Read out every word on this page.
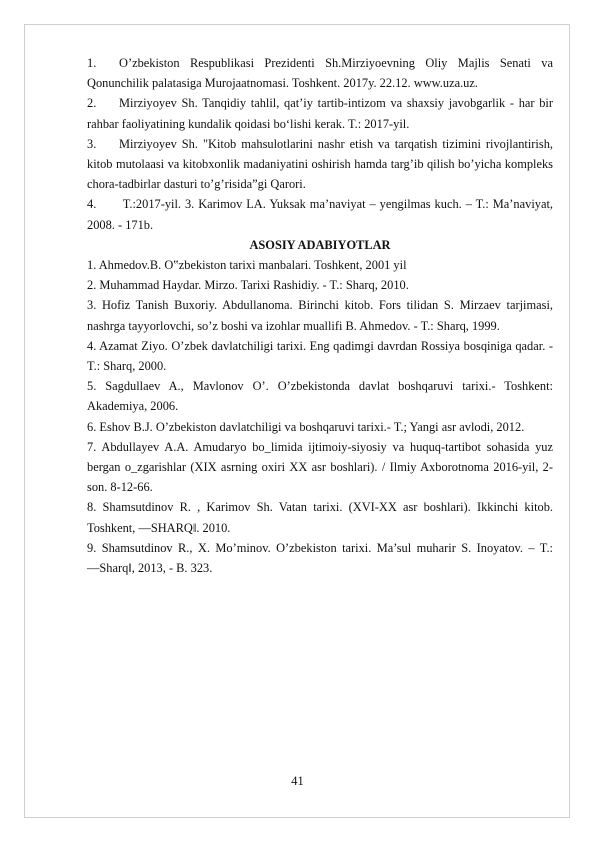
1. O’zbekiston Respublikasi Prezidenti Sh.Mirziyoevning Oliy Majlis Senati va Qonunchilik palatasiga Murojaatnomasi. Toshkent. 2017y. 22.12. www.uza.uz.

2. Mirziyoyev Sh. Tanqidiy tahlil, qat’iy tartib-intizom va shaxsiy javobgarlik - har bir rahbar faoliyatining kundalik qoidasi boʻlishi kerak. T.: 2017-yil.

3. Mirziyoyev Sh. "Kitob mahsulotlarini nashr etish va tarqatish tizimini rivojlantirish, kitob mutolaasi va kitobxonlik madaniyatini oshirish hamda targ’ib qilish bo’yicha kompleks chora-tadbirlar dasturi to’g’risida”gi Qarori.

4. T.:2017-yil. 3. Karimov LA. Yuksak ma’naviyat – yengilmas kuch. – T.: Ma’naviyat, 2008. - 171b.

ASOSIY ADABIYOTLAR

1. Ahmedov.B. O‟zbekiston tarixi manbalari. Toshkent, 2001 yil

2. Muhammad Haydar. Mirzo. Tarixi Rashidiy. - T.: Sharq, 2010.

3. Hofiz Tanish Buxoriy. Abdullanoma. Birinchi kitob. Fors tilidan S. Mirzaev tarjimasi, nashrga tayyorlovchi, so’z boshi va izohlar muallifi B. Ahmedov. - T.: Sharq, 1999.

4. Azamat Ziyo. O’zbek davlatchiligi tarixi. Eng qadimgi davrdan Rossiya bosqiniga qadar. - T.: Sharq, 2000.

5. Sagdullaev A., Mavlonov O’. O’zbekistonda davlat boshqaruvi tarixi.- Toshkent: Akademiya, 2006.

6. Eshov B.J. O’zbekiston davlatchiligi va boshqaruvi tarixi.- T.; Yangi asr avlodi, 2012.

7. Abdullayev A.A. Amudaryo bo_limida ijtimoiy-siyosiy va huquq-tartibot sohasida yuz bergan o_zgarishlar (XIX asrning oxiri XX asr boshlari). / Ilmiy Axborotnoma 2016-yil, 2-son. 8-12-66.

8. Shamsutdinov R. , Karimov Sh. Vatan tarixi. (XVI-XX asr boshlari). Ikkinchi kitob. Toshkent, ―SHARQ‖. 2010.

9. Shamsutdinov R., X. Mo’minov. O’zbekiston tarixi. Ma’sul muharir S. Inoyatov. – T.: ―Sharq‖, 2013, - B. 323.

41
